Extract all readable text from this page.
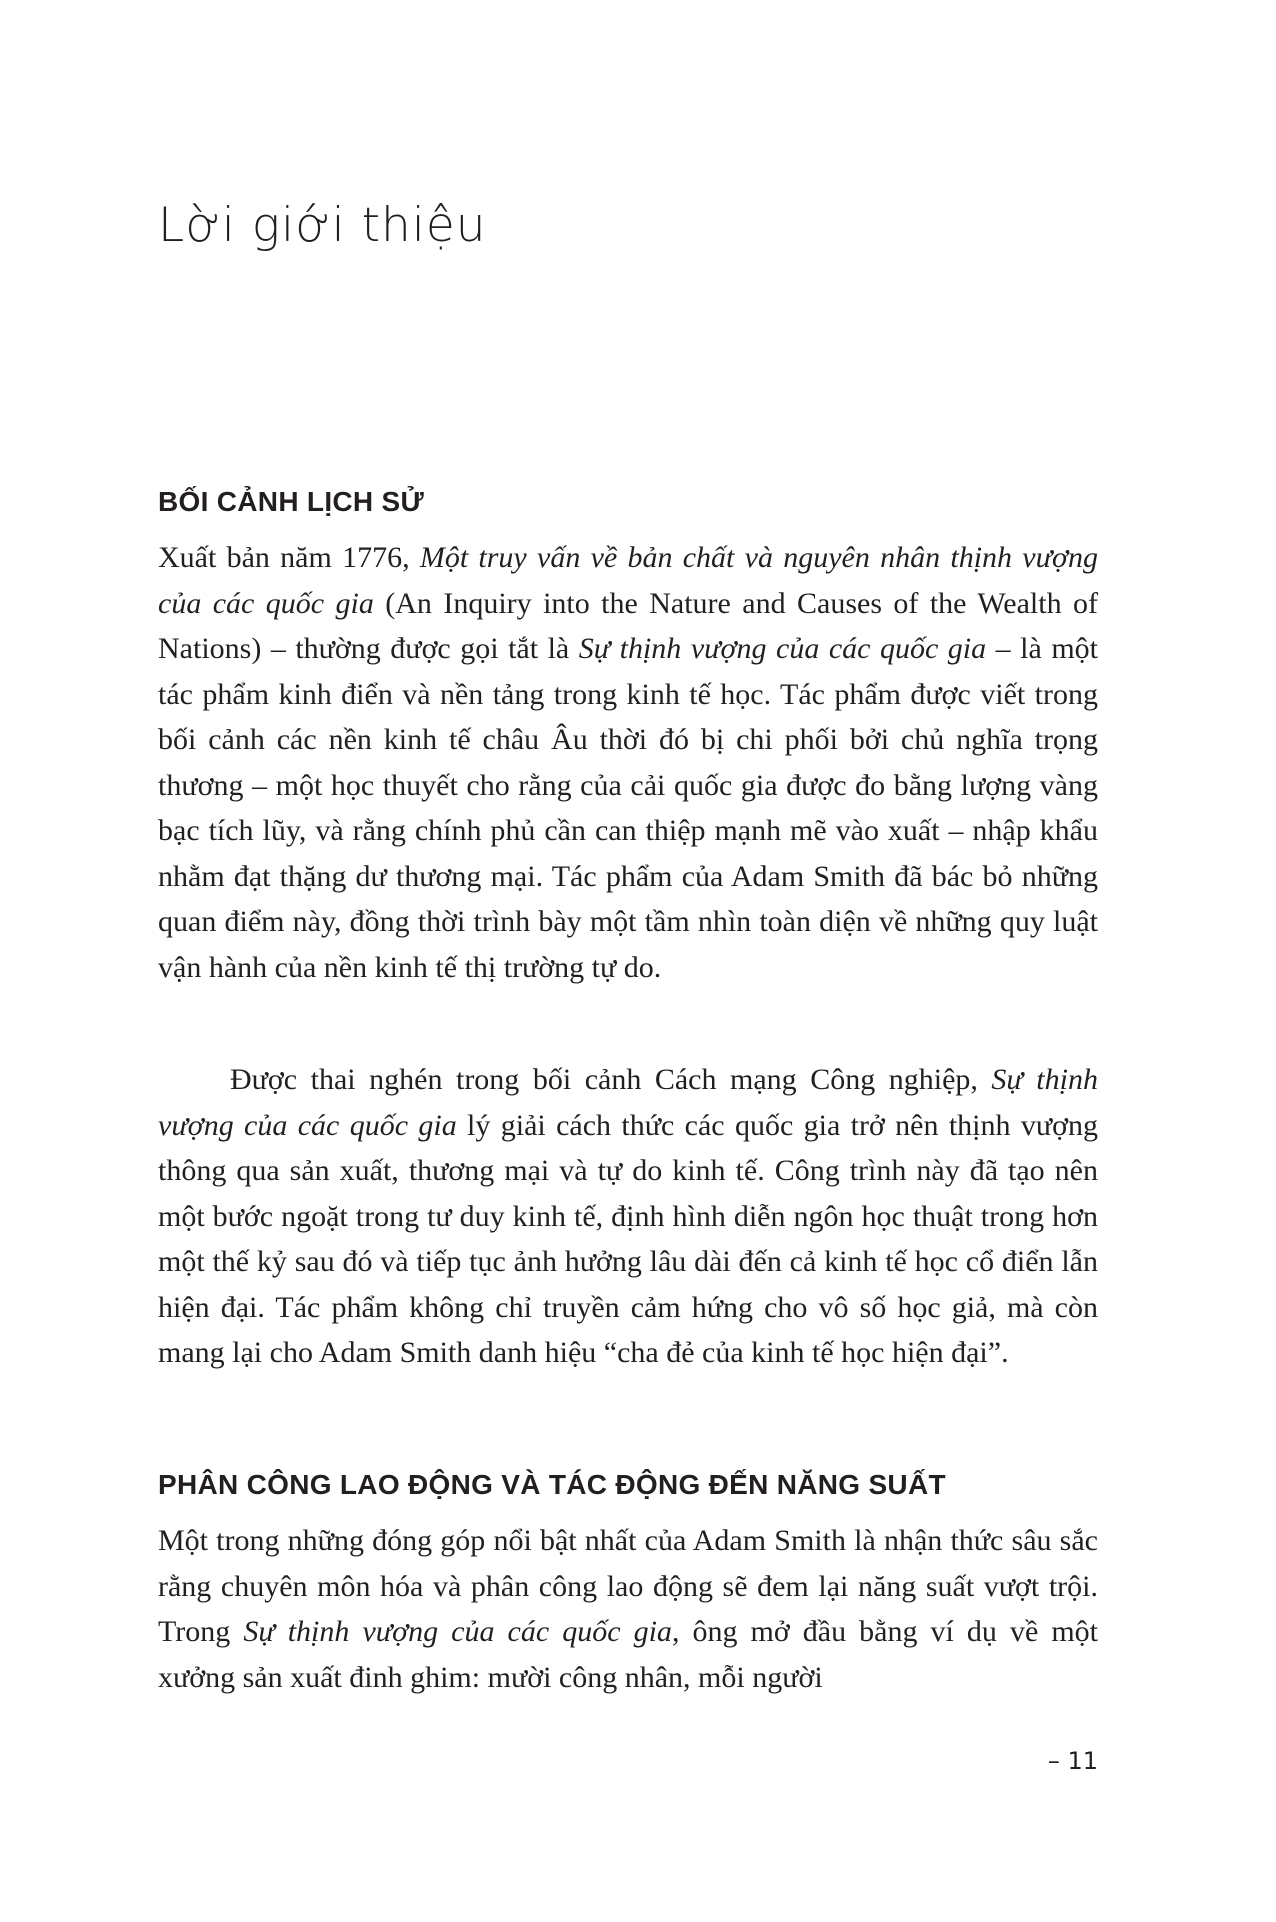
Lời giới thiệu
BỐI CẢNH LỊCH SỬ

Xuất bản năm 1776, Một truy vấn về bản chất và nguyên nhân thịnh vượng của các quốc gia (An Inquiry into the Nature and Causes of the Wealth of Nations) – thường được gọi tắt là Sự thịnh vượng của các quốc gia – là một tác phẩm kinh điển và nền tảng trong kinh tế học. Tác phẩm được viết trong bối cảnh các nền kinh tế châu Âu thời đó bị chi phối bởi chủ nghĩa trọng thương – một học thuyết cho rằng của cải quốc gia được đo bằng lượng vàng bạc tích lũy, và rằng chính phủ cần can thiệp mạnh mẽ vào xuất – nhập khẩu nhằm đạt thặng dư thương mại. Tác phẩm của Adam Smith đã bác bỏ những quan điểm này, đồng thời trình bày một tầm nhìn toàn diện về những quy luật vận hành của nền kinh tế thị trường tự do.

Được thai nghén trong bối cảnh Cách mạng Công nghiệp, Sự thịnh vượng của các quốc gia lý giải cách thức các quốc gia trở nên thịnh vượng thông qua sản xuất, thương mại và tự do kinh tế. Công trình này đã tạo nên một bước ngoặt trong tư duy kinh tế, định hình diễn ngôn học thuật trong hơn một thế kỷ sau đó và tiếp tục ảnh hưởng lâu dài đến cả kinh tế học cổ điển lẫn hiện đại. Tác phẩm không chỉ truyền cảm hứng cho vô số học giả, mà còn mang lại cho Adam Smith danh hiệu “cha đẻ của kinh tế học hiện đại”.

PHÂN CÔNG LAO ĐỘNG VÀ TÁC ĐỘNG ĐẾN NĂNG SUẤT

Một trong những đóng góp nổi bật nhất của Adam Smith là nhận thức sâu sắc rằng chuyên môn hóa và phân công lao động sẽ đem lại năng suất vượt trội. Trong Sự thịnh vượng của các quốc gia, ông mở đầu bằng ví dụ về một xưởng sản xuất đinh ghim: mười công nhân, mỗi người

– 11
